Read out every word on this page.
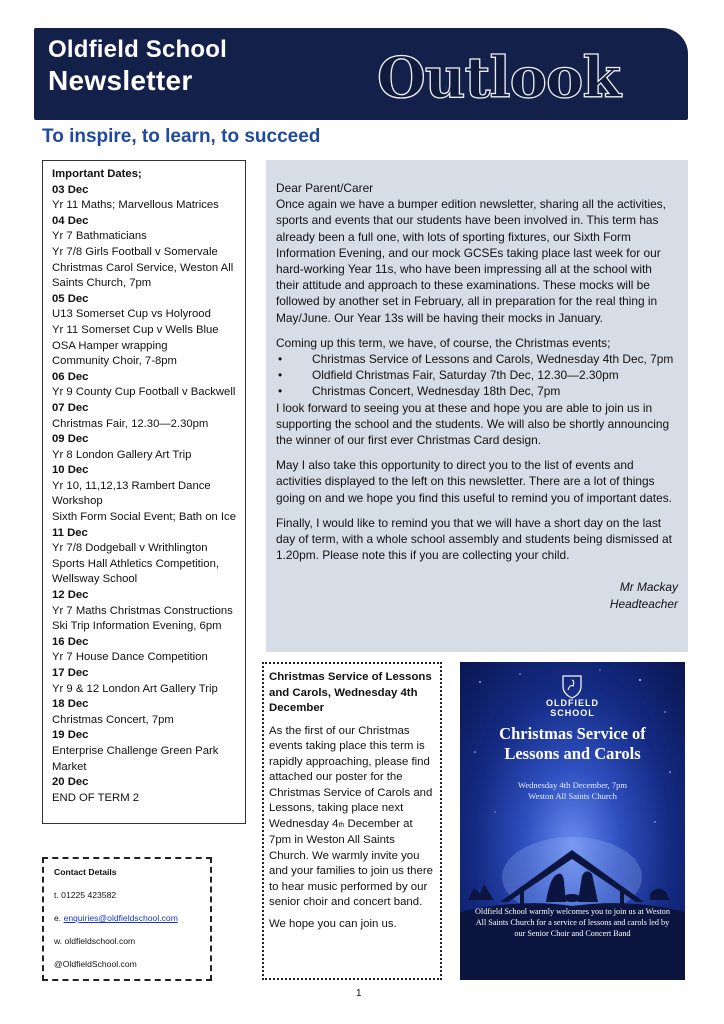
Oldfield School
Newsletter	Outlook
To inspire, to learn, to succeed
Important Dates;
03 Dec
Yr 11 Maths; Marvellous Matrices
04 Dec
Yr 7 Bathmaticians
Yr 7/8 Girls Football v Somervale
Christmas Carol Service, Weston All
Saints Church, 7pm
05 Dec
U13 Somerset Cup vs Holyrood
Yr 11 Somerset Cup v Wells Blue
OSA Hamper wrapping
Community Choir, 7-8pm
06 Dec
Yr 9 County Cup Football v Backwell
07 Dec
Christmas Fair, 12.30—2.30pm
09 Dec
Yr 8 London Gallery Art Trip
10 Dec
Yr 10, 11,12,13 Rambert Dance
Workshop
Sixth Form Social Event; Bath on Ice
11 Dec
Yr 7/8 Dodgeball v Writhlington
Sports Hall Athletics Competition,
Wellsway School
12 Dec
Yr 7 Maths Christmas Constructions
Ski Trip Information Evening, 6pm
16 Dec
Yr 7 House Dance Competition
17 Dec
Yr 9 & 12 London Art Gallery Trip
18 Dec
Christmas Concert, 7pm
19 Dec
Enterprise Challenge Green Park
Market
20 Dec
END OF TERM 2
Dear Parent/Carer

Once again we have a bumper edition newsletter, sharing all the activities, sports and events that our students have been involved in. This term has already been a full one, with lots of sporting fixtures, our Sixth Form Information Evening, and our mock GCSEs taking place last week for our hard-working Year 11s, who have been impressing all at the school with their attitude and approach to these examinations. These mocks will be followed by another set in February, all in preparation for the real thing in May/June. Our Year 13s will be having their mocks in January.

Coming up this term, we have, of course, the Christmas events;

• Christmas Service of Lessons and Carols, Wednesday 4th Dec, 7pm
• Oldfield Christmas Fair, Saturday 7th Dec, 12.30—2.30pm
• Christmas Concert, Wednesday 18th Dec, 7pm

I look forward to seeing you at these and hope you are able to join us in supporting the school and the students. We will also be shortly announcing the winner of our first ever Christmas Card design.

May I also take this opportunity to direct you to the list of events and activities displayed to the left on this newsletter. There are a lot of things going on and we hope you find this useful to remind you of important dates.

Finally, I would like to remind you that we will have a short day on the last day of term, with a whole school assembly and students being dismissed at 1.20pm. Please note this if you are collecting your child.

Mr Mackay
Headteacher
Christmas Service of Lessons and Carols, Wednesday 4th December

As the first of our Christmas events taking place this term is rapidly approaching, please find attached our poster for the Christmas Service of Carols and Lessons, taking place next Wednesday 4th December at 7pm in Weston All Saints Church. We warmly invite you and your families to join us there to hear music performed by our senior choir and concert band.

We hope you can join us.

OLDFIELD
SCHOOL
Christmas Service of
Lessons and Carols
Wednesday 4th December, 7pm
Weston All Saints Church
Oldfield School warmly welcomes you to join us at Weston All Saints Church for a service of lessons and carols led by our Senior Choir and Concert Band
Contact Details
t. 01225 423582
e. enquiries@oldfieldschool.com
w. oldfieldschool.com
@OldfieldSchool.com
1
